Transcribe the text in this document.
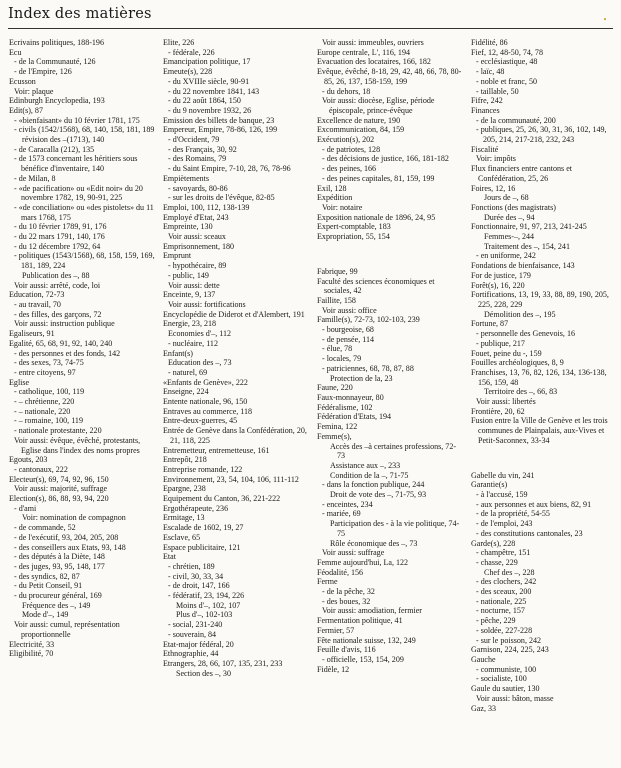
Index des matières	•

Ecrivains politiques, 188-196

Ecu

- de la Communauté, 126

- de l'Empire, 126

Ecusson

Voir: plaque

Edinburgh Encyclopedia, 193

Edit(s), 87

- «bienfaisant» du 10 février 1781, 175

- civils (1542/1568), 68, 140, 158, 181, 189

révision des –(1713), 140

- de Caracalla (212), 135

- de 1573 concernant les héritiers sous bénéfice d'inventaire, 140

- de Milan, 8

- «de pacification» ou «Edit noir» du 20 novembre 1782, 19, 90-91, 225

- «de conciliation» ou «des pistolets» du 11 mars 1768, 175

- du 10 février 1789, 91, 176

- du 22 mars 1791, 140, 176

- du 12 décembre 1792, 64

- politiques (1543/1568), 68, 158, 159, 169, 181, 189, 224

Publication des –, 88

Voir aussi: arrêté, code, loi

Education, 72-73

- au travail, 70

- des filles, des garçons, 72

Voir aussi: instruction publique

Egaliseurs, 91

Egalité, 65, 68, 91, 92, 140, 240

- des personnes et des fonds, 142

- des sexes, 73, 74-75

- entre citoyens, 97

Eglise

- catholique, 100, 119

- – chrétienne, 220

- – nationale, 220

- – romaine, 100, 119

- nationale protestante, 220

Voir aussi: évêque, évêché, protestants, Eglise dans l'index des noms propres

Egouts, 203

- cantonaux, 222

Electeur(s), 69, 74, 92, 96, 150

Voir aussi: majorité, suffrage

Election(s), 86, 88, 93, 94, 220

- d'ami

Voir: nomination de compagnon

- de commande, 52

- de l'exécutif, 93, 204, 205, 208

- des conseillers aux Etats, 93, 148

- des députés à la Diète, 148

- des juges, 93, 95, 148, 177

- des syndics, 82, 87

- du Petit Conseil, 91

- du procureur général, 169

Fréquence des –, 149

Mode d'–, 149

Voir aussi: cumul, représentation proportionnelle

Electricité, 33

Eligibilité, 70

Elite, 226

- fédérale, 226

Emancipation politique, 17

Emeute(s), 228

- du XVIIIe siècle, 90-91

- du 22 novembre 1841, 143

- du 22 août 1864, 150

- du 9 novembre 1932, 26

Emission des billets de banque, 23

Empereur, Empire, 78-86, 126, 199

- d'Occident, 79

- des Français, 30, 92

- des Romains, 79

- du Saint Empire, 7-10, 28, 76, 78-96

Empiètements

- savoyards, 80-86

- sur les droits de l'évêque, 82-85

Emploi, 100, 112, 138-139

Employé d'Etat, 243

Empreinte, 130

Voir aussi: sceaux

Emprisonnement, 180

Emprunt

- hypothécaire, 89

- public, 149

Voir aussi: dette

Enceinte, 9, 137

Voir aussi: fortifications

Encyclopédie de Diderot et d'Alembert, 191

Energie, 23, 218

Economies d'–, 112

- nucléaire, 112

Enfant(s)

Education des –, 73

- naturel, 69

«Enfants de Genève», 222

Enseigne, 224

Entente nationale, 96, 150

Entraves au commerce, 118

Entre-deux-guerres, 45

Entrée de Genève dans la Confédération, 20, 21, 118, 225

Entremetteur, entremetteuse, 161

Entrepôt, 218

Entreprise romande, 122

Environnement, 23, 54, 104, 106, 111-112

Epargne, 238

Equipement du Canton, 36, 221-222

Ergothérapeute, 236

Ermitage, 13

Escalade de 1602, 19, 27

Esclave, 65

Espace publicitaire, 121

Etat

- chrétien, 189

- civil, 30, 33, 34

- de droit, 147, 166

- fédératif, 23, 194, 226

Moins d'–, 102, 107

Plus d'–, 102-103

- social, 231-240

- souverain, 84

Etat-major fédéral, 20

Ethnographie, 44

Etrangers, 28, 66, 107, 135, 231, 233

Section des –, 30

Voir aussi: immeubles, ouvriers

Europe centrale, L', 116, 194

Evacuation des locataires, 166, 182

Evêque, évêché, 8-18, 29, 42, 48, 66, 78, 80-85, 26, 137, 158-159, 199

- du dehors, 18

Voir aussi: diocèse, Eglise, période épiscopale, prince-évêque

Excellence de nature, 190

Excommunication, 84, 159

Exécution(s), 202

- de patriotes, 128

- des décisions de justice, 166, 181-182

- des peines, 166

- des peines capitales, 81, 159, 199

Exil, 128

Expédition

Voir: notaire

Exposition nationale de 1896, 24, 95

Expert-comptable, 183

Expropriation, 55, 154

Fabrique, 99

Faculté des sciences économiques et sociales, 42

Faillite, 158

Voir aussi: office

Famille(s), 72-73, 102-103, 239

- bourgeoise, 68

- de pensée, 114

- élue, 78

- locales, 79

- patriciennes, 68, 78, 87, 88

Protection de la, 23

Faune, 220

Faux-monnayeur, 80

Fédéralisme, 102

Fédération d'Etats, 194

Femina, 122

Femme(s),

Accès des –à certaines professions, 72-73

Assistance aux –, 233

Condition de la –, 71-75

- dans la fonction publique, 244

Droit de vote des –, 71-75, 93

- enceintes, 234

- mariée, 69

Participation des - à la vie politique, 74-75

Rôle économique des –, 73

Voir aussi: suffrage

Femme aujourd'hui, La, 122

Féodalité, 156

Ferme

- de la pêche, 32

- des boues, 32

Voir aussi: amodiation, fermier

Fermentation politique, 41

Fermier, 57

Fête nationale suisse, 132, 249

Feuille d'avis, 116

- officielle, 153, 154, 209

Fidèle, 12

Fidélité, 86

Fief, 12, 48-50, 74, 78

- ecclésiastique, 48

- laïc, 48

- noble et franc, 50

- taillable, 50

Fifre, 242

Finances

- de la communauté, 200

- publiques, 25, 26, 30, 31, 36, 102, 149, 205, 214, 217-218, 232, 243

Fiscalité

Voir: impôts

Flux financiers entre cantons et Confédération, 25, 26

Foires, 12, 16

Jours de –, 68

Fonctions (des magistrats)

Durée des –, 94

Fonctionnaire, 91, 97, 213, 241-245

Femmes-–, 244

Traitement des –, 154, 241

- en uniforme, 242

Fondations de bienfaisance, 143

For de justice, 179

Forêt(s), 16, 220

Fortifications, 13, 19, 33, 88, 89, 190, 205, 225, 228, 229

Démolition des –, 195

Fortune, 87

- personnelle des Genevois, 16

- publique, 217

Fouet, peine du -, 159

Fouilles archéologiques, 8, 9

Franchises, 13, 76, 82, 126, 134, 136-138, 156, 159, 48

Territoire des –, 66, 83

Voir aussi: libertés

Frontière, 20, 62

Fusion entre la Ville de Genève et les trois communes de Plainpalais, aux-Vives et Petit-Saconnex, 33-34

Gabelle du vin, 241

Garantie(s)

- à l'accusé, 159

- aux personnes et aux biens, 82, 91

- de la propriété, 54-55

- de l'emploi, 243

- des constitutions cantonales, 23

Garde(s), 228

- champêtre, 151

- chasse, 229

Chef des –, 228

- des clochers, 242

- des sceaux, 200

- nationale, 225

- nocturne, 157

- pêche, 229

- soldée, 227-228

- sur le poisson, 242

Garnison, 224, 225, 243

Gauche

- communiste, 100

- socialiste, 100

Gaule du sautier, 130

Voir aussi: bâton, masse

Gaz, 33
